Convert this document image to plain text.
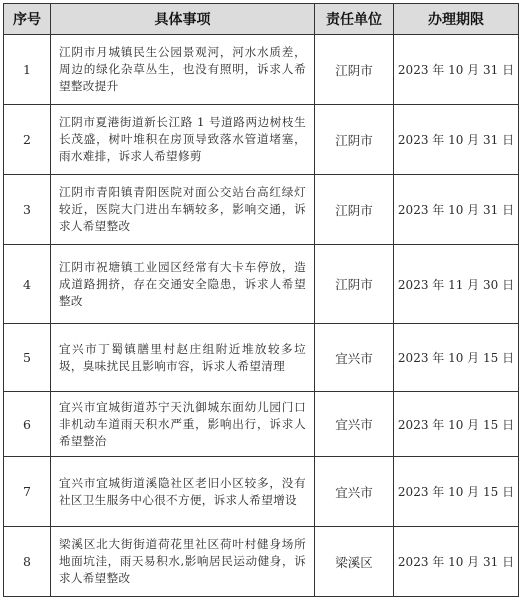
序号	具体事项	责任单位	办理期限
1	江阴市月城镇民生公园景观河，河水水质差，周边的绿化杂草丛生，也没有照明，诉求人希望整改提升	江阴市	2023 年 10 月 31 日
2	江阴市夏港街道新长江路 1 号道路两边树枝生长茂盛，树叶堆积在房顶导致落水管道堵塞，雨水难排，诉求人希望修剪	江阴市	2023 年 10 月 31 日
3	江阴市青阳镇青阳医院对面公交站台高红绿灯较近，医院大门进出车辆较多，影响交通，诉求人希望整改	江阴市	2023 年 10 月 31 日
4	江阴市祝塘镇工业园区经常有大卡车停放，造成道路拥挤，存在交通安全隐患，诉求人希望整改	江阴市	2023 年 11 月 30 日
5	宜兴市丁蜀镇膳里村赵庄组附近堆放较多垃圾，臭味扰民且影响市容，诉求人希望清理	宜兴市	2023 年 10 月 15 日
6	宜兴市宜城街道苏宁天氿御城东面幼儿园门口非机动车道雨天积水严重，影响出行，诉求人希望整治	宜兴市	2023 年 10 月 15 日
7	宜兴市宜城街道溪隐社区老旧小区较多，没有社区卫生服务中心很不方便，诉求人希望增设	宜兴市	2023 年 10 月 15 日
8	梁溪区北大街街道荷花里社区荷叶村健身场所地面坑洼，雨天易积水,影响居民运动健身，诉求人希望整改	梁溪区	2023 年 10 月 31 日
